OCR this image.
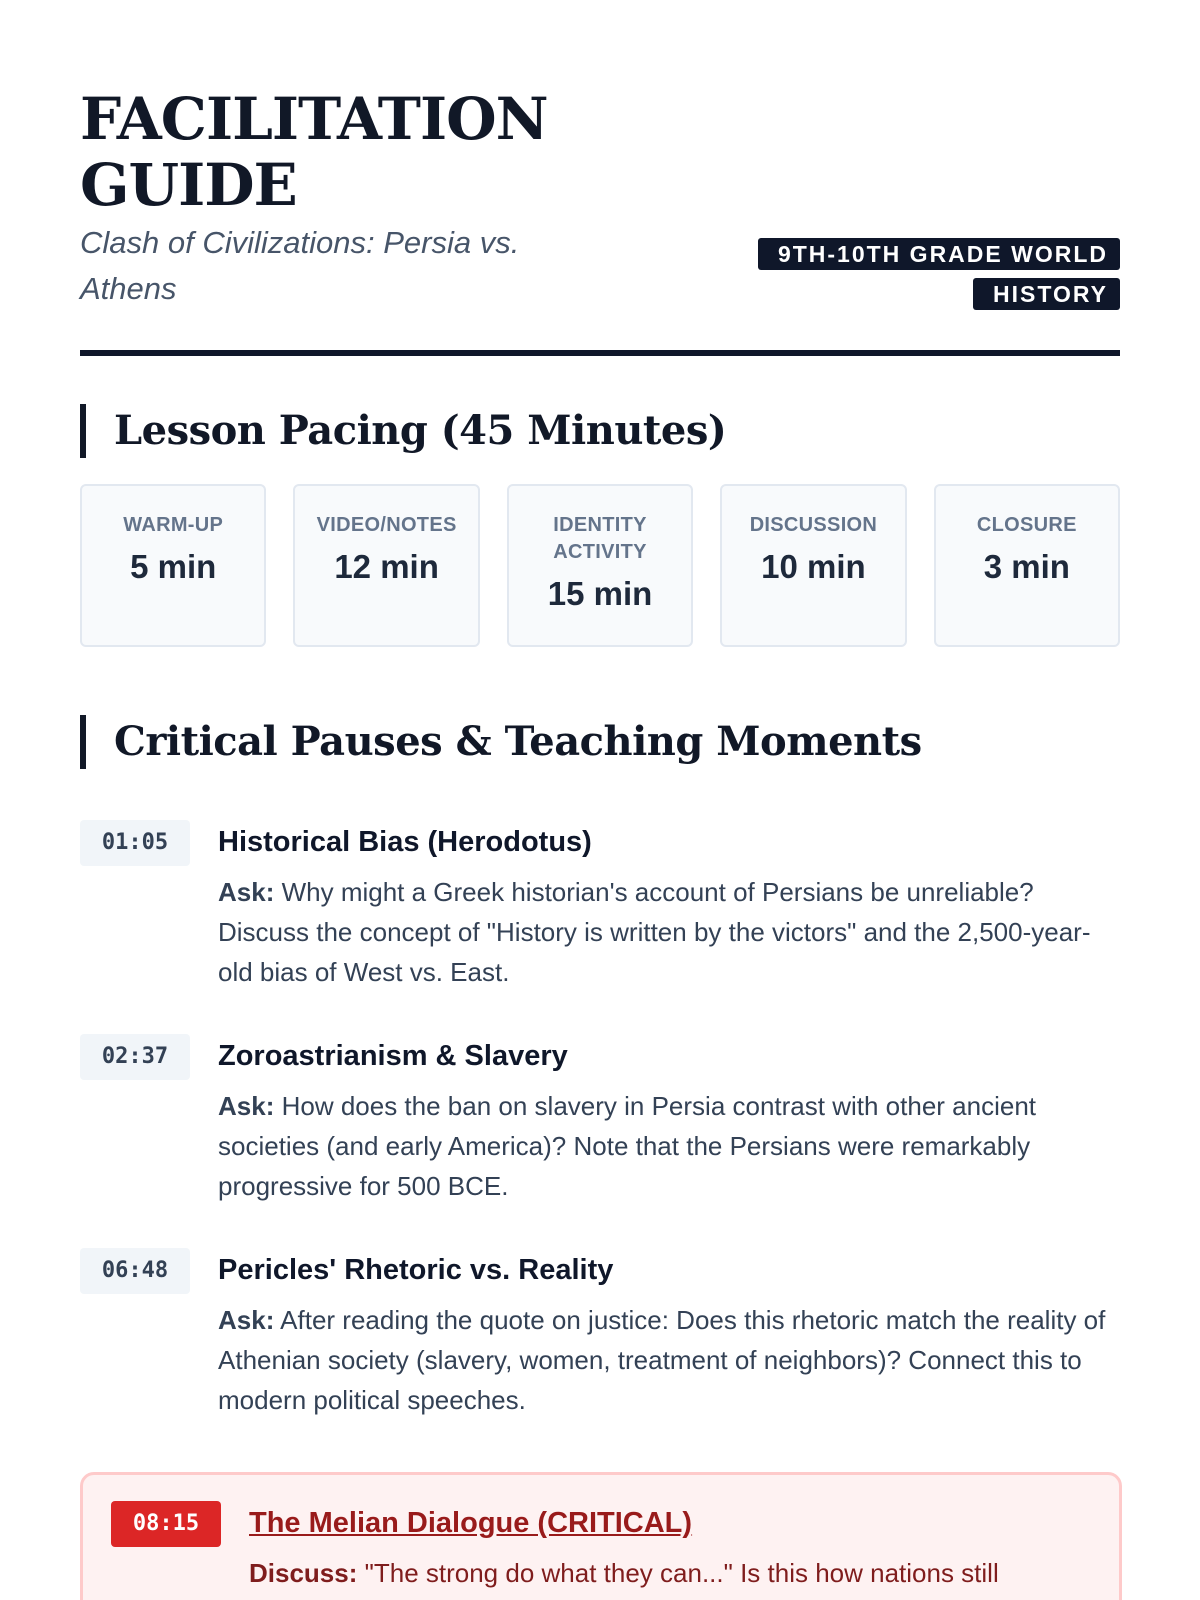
FACILITATION GUIDE
Clash of Civilizations: Persia vs. Athens
9TH-10TH GRADE WORLD HISTORY
Lesson Pacing (45 Minutes)
WARM-UP
5 min
VIDEO/NOTES
12 min
IDENTITY ACTIVITY
15 min
DISCUSSION
10 min
CLOSURE
3 min
Critical Pauses & Teaching Moments
01:05	Historical Bias (Herodotus)

Ask: Why might a Greek historian's account of Persians be unreliable? Discuss the concept of "History is written by the victors" and the 2,500-year-old bias of West vs. East.

02:37	Zoroastrianism & Slavery

Ask: How does the ban on slavery in Persia contrast with other ancient societies (and early America)? Note that the Persians were remarkably progressive for 500 BCE.

06:48	Pericles' Rhetoric vs. Reality

Ask: After reading the quote on justice: Does this rhetoric match the reality of Athenian society (slavery, women, treatment of neighbors)? Connect this to modern political speeches.

08:15	The Melian Dialogue (CRITICAL)

Discuss: "The strong do what they can..." Is this how nations still
